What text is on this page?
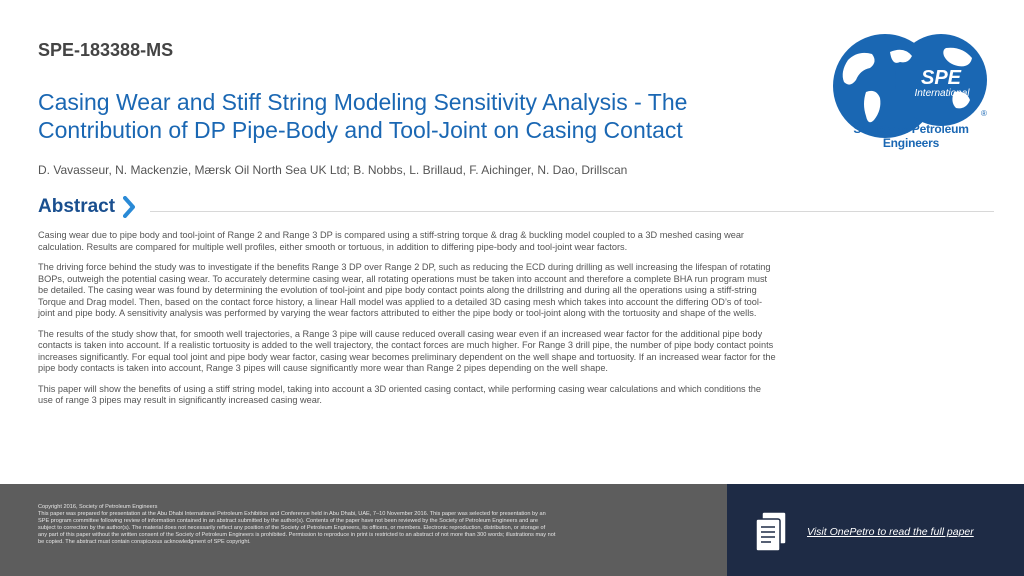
SPE-183388-MS
Casing Wear and Stiff String Modeling Sensitivity Analysis - The Contribution of DP Pipe-Body and Tool-Joint on Casing Contact

D. Vavasseur, N. Mackenzie, Mærsk Oil North Sea UK Ltd; B. Nobbs, L. Brillaud, F. Aichinger, N. Dao, Drillscan

SPE
International
®
Society of Petroleum Engineers
Abstract

Casing wear due to pipe body and tool-joint of Range 2 and Range 3 DP is compared using a stiff-string torque & drag & buckling model coupled to a 3D meshed casing wear calculation. Results are compared for multiple well profiles, either smooth or tortuous, in addition to differing pipe-body and tool-joint wear factors.

The driving force behind the study was to investigate if the benefits Range 3 DP over Range 2 DP, such as reducing the ECD during drilling as well increasing the lifespan of rotating BOPs, outweigh the potential casing wear. To accurately determine casing wear, all rotating operations must be taken into account and therefore a complete BHA run program must be detailed. The casing wear was found by determining the evolution of tool-joint and pipe body contact points along the drillstring and during all the operations using a stiff-string Torque and Drag model. Then, based on the contact force history, a linear Hall model was applied to a detailed 3D casing mesh which takes into account the differing OD’s of tool-joint and pipe body. A sensitivity analysis was performed by varying the wear factors attributed to either the pipe body or tool-joint along with the tortuosity and shape of the wells.

The results of the study show that, for smooth well trajectories, a Range 3 pipe will cause reduced overall casing wear even if an increased wear factor for the additional pipe body contacts is taken into account. If a realistic tortuosity is added to the well trajectory, the contact forces are much higher. For Range 3 drill pipe, the number of pipe body contact points increases significantly. For equal tool joint and pipe body wear factor, casing wear becomes preliminary dependent on the well shape and tortuosity. If an increased wear factor for the pipe body contacts is taken into account, Range 3 pipes will cause significantly more wear than Range 2 pipes depending on the well shape.

This paper will show the benefits of using a stiff string model, taking into account a 3D oriented casing contact, while performing casing wear calculations and which conditions the use of range 3 pipes may result in significantly increased casing wear.

Copyright 2016, Society of Petroleum Engineers
This paper was prepared for presentation at the Abu Dhabi International Petroleum Exhibition and Conference held in Abu Dhabi, UAE, 7–10 November 2016. This paper was selected for presentation by an
SPE program committee following review of information contained in an abstract submitted by the author(s). Contents of the paper have not been reviewed by the Society of Petroleum Engineers and are
subject to correction by the author(s). The material does not necessarily reflect any position of the Society of Petroleum Engineers, its officers, or members. Electronic reproduction, distribution, or storage of
any part of this paper without the written consent of the Society of Petroleum Engineers is prohibited. Permission to reproduce in print is restricted to an abstract of not more than 300 words; illustrations may not
be copied. The abstract must contain conspicuous acknowledgment of SPE copyright.
Visit OnePetro to read the full paper
